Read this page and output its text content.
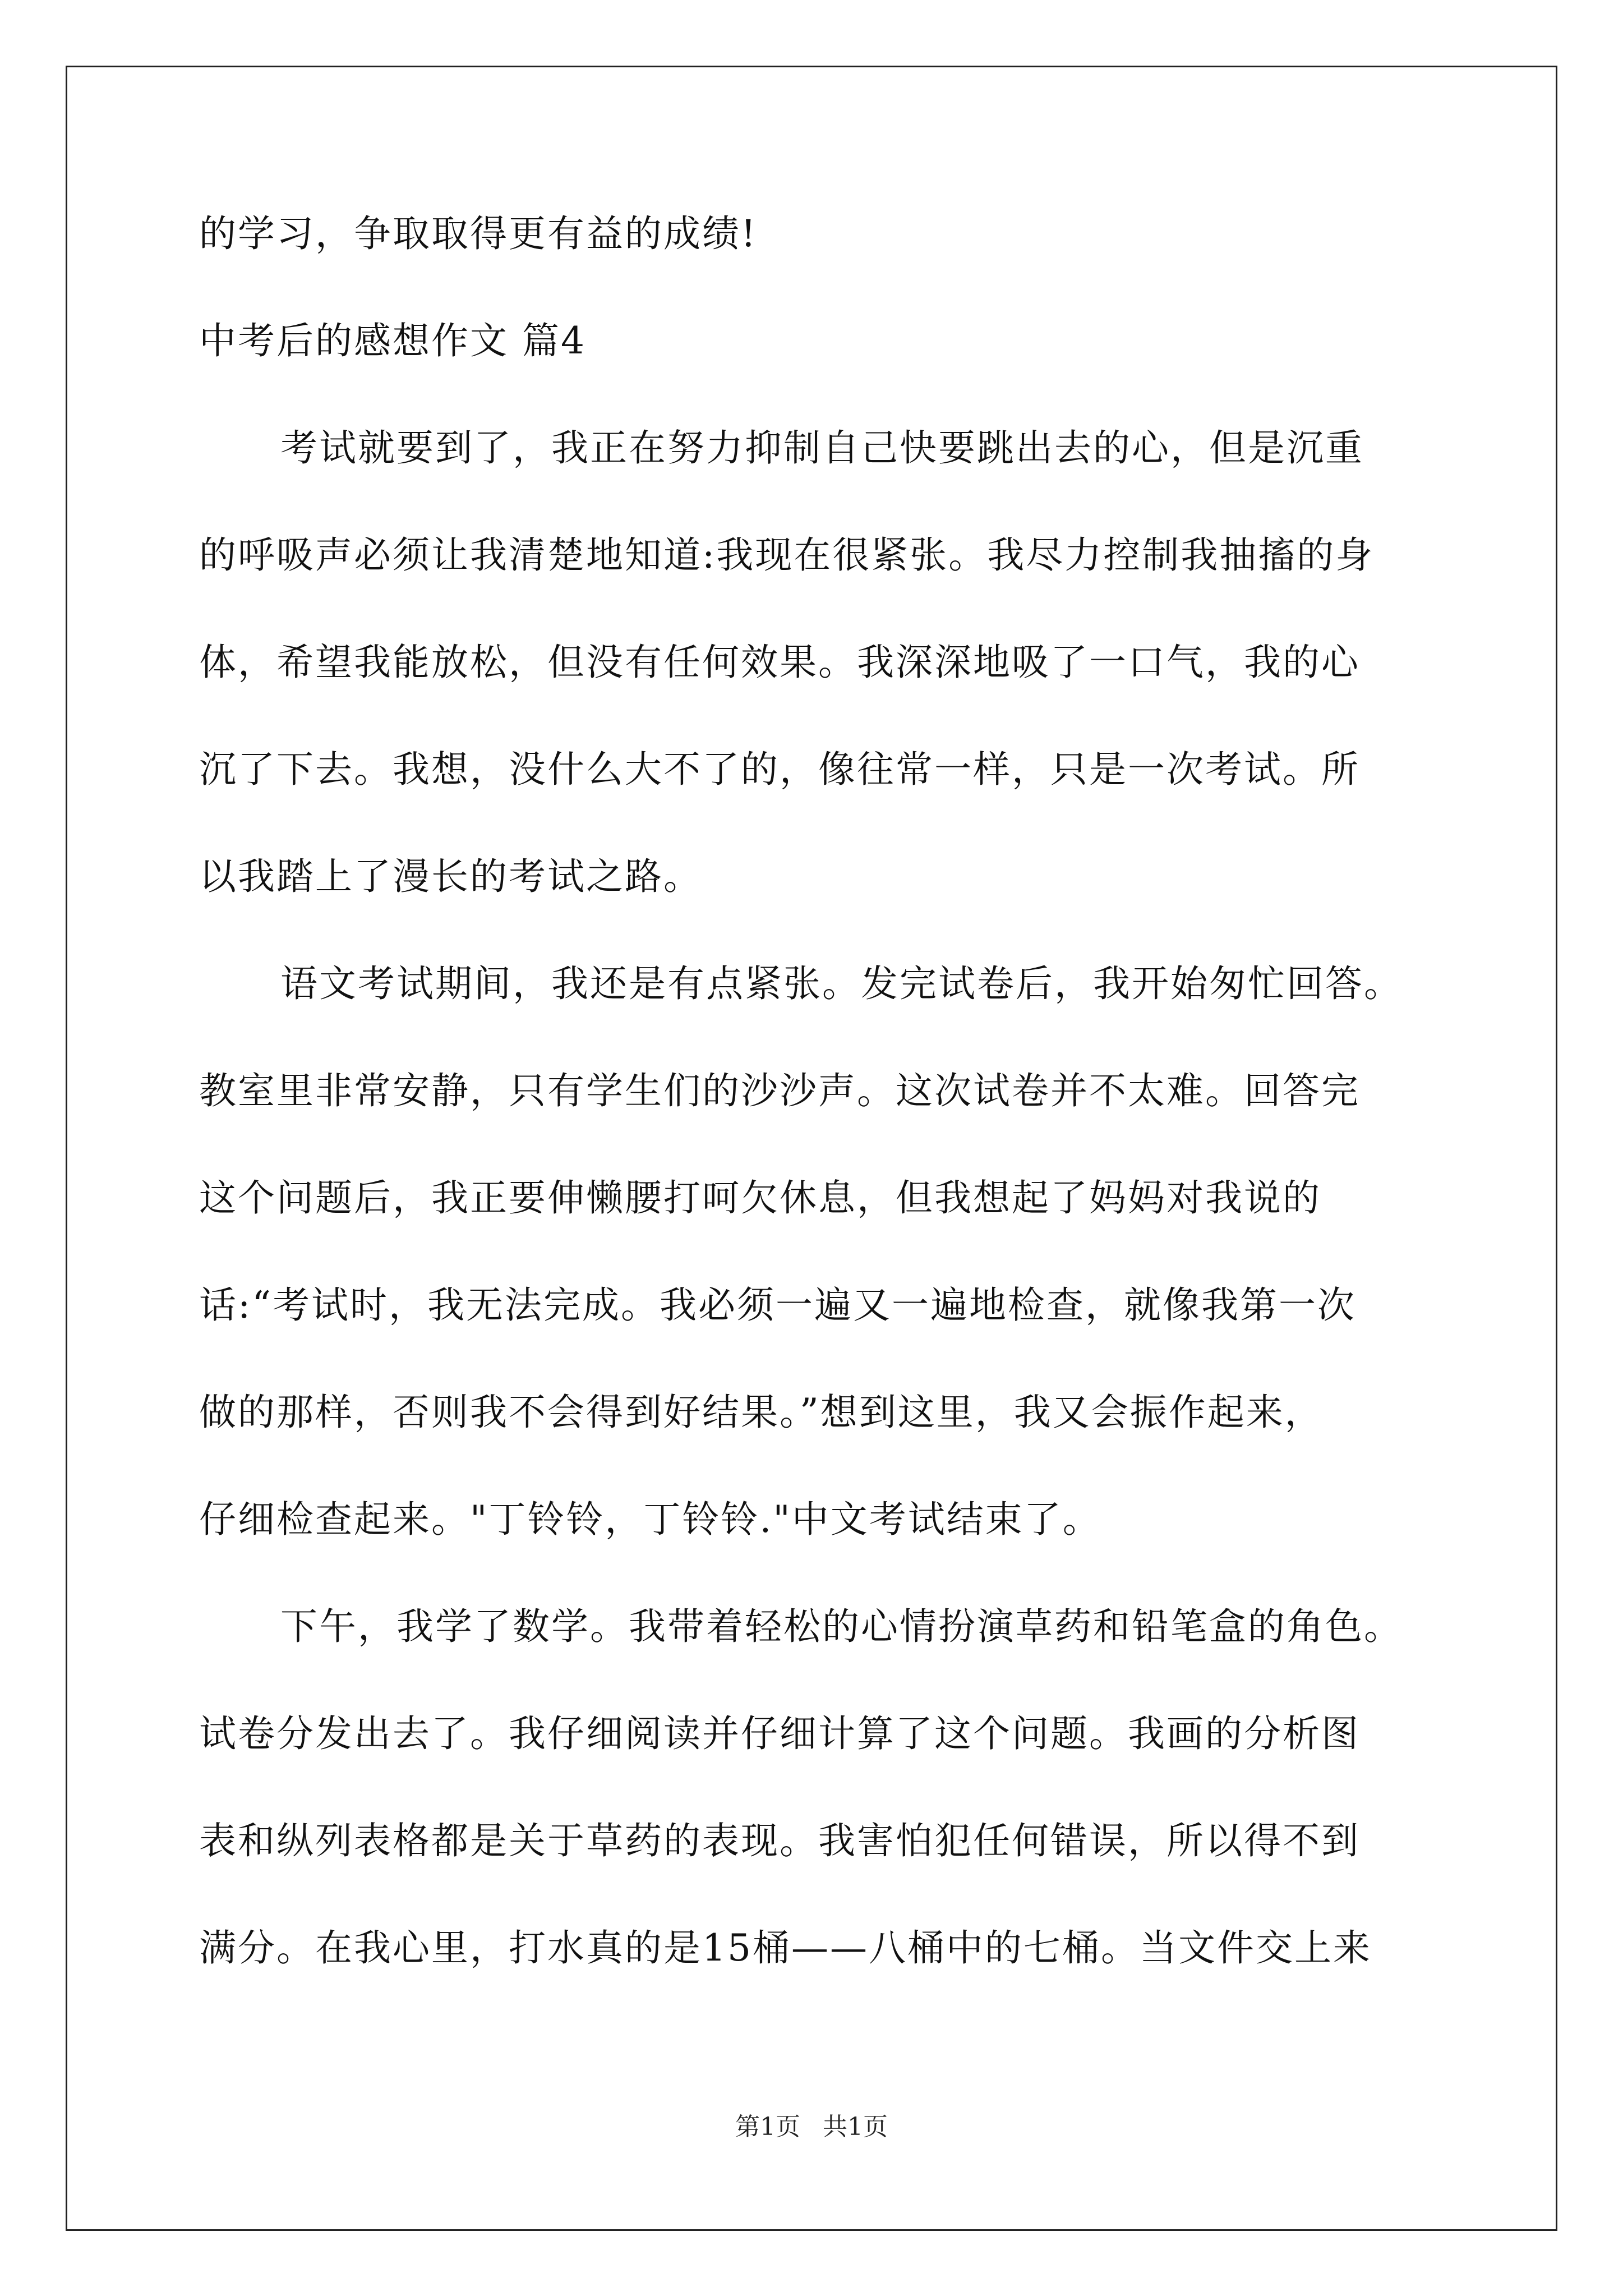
的学习，争取取得更有益的成绩!
中考后的感想作文 篇4
考试就要到了，我正在努力抑制自己快要跳出去的心，但是沉重
的呼吸声必须让我清楚地知道:我现在很紧张。我尽力控制我抽搐的身
体，希望我能放松，但没有任何效果。我深深地吸了一口气，我的心
沉了下去。我想，没什么大不了的，像往常一样，只是一次考试。所
以我踏上了漫长的考试之路。
语文考试期间，我还是有点紧张。发完试卷后，我开始匆忙回答。
教室里非常安静，只有学生们的沙沙声。这次试卷并不太难。回答完
这个问题后，我正要伸懒腰打呵欠休息，但我想起了妈妈对我说的
话:“考试时，我无法完成。我必须一遍又一遍地检查，就像我第一次
做的那样，否则我不会得到好结果。”想到这里，我又会振作起来，
仔细检查起来。"丁铃铃，丁铃铃."中文考试结束了。
下午，我学了数学。我带着轻松的心情扮演草药和铅笔盒的角色。
试卷分发出去了。我仔细阅读并仔细计算了这个问题。我画的分析图
表和纵列表格都是关于草药的表现。我害怕犯任何错误，所以得不到
满分。在我心里，打水真的是15桶——八桶中的七桶。当文件交上来
第1页 共1页
